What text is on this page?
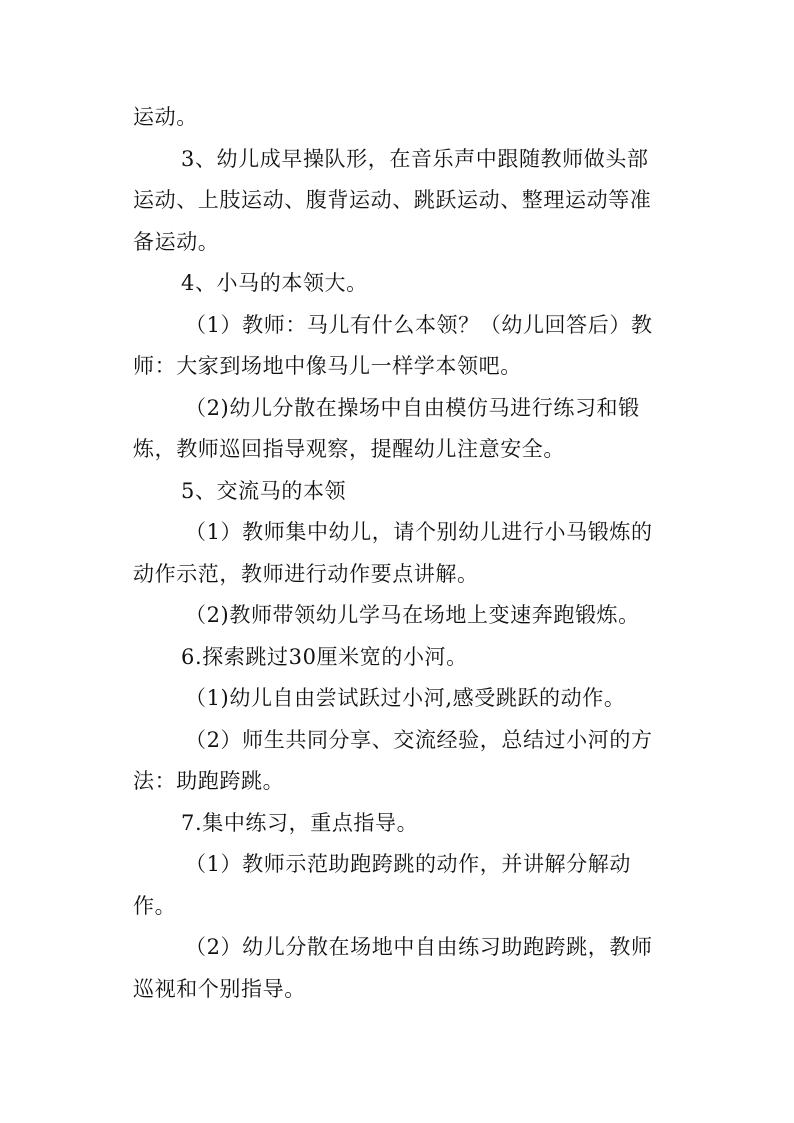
运动。

3、幼儿成早操队形，在音乐声中跟随教师做头部运动、上肢运动、腹背运动、跳跃运动、整理运动等准备运动。

4、小马的本领大。

（1）教师：马儿有什么本领？（幼儿回答后）教师：大家到场地中像马儿一样学本领吧。

（2)幼儿分散在操场中自由模仿马进行练习和锻炼，教师巡回指导观察，提醒幼儿注意安全。

5、交流马的本领

（1）教师集中幼儿，请个别幼儿进行小马锻炼的动作示范，教师进行动作要点讲解。

（2)教师带领幼儿学马在场地上变速奔跑锻炼。

6.探索跳过30厘米宽的小河。

（1)幼儿自由尝试跃过小河,感受跳跃的动作。

（2）师生共同分享、交流经验，总结过小河的方法：助跑跨跳。

7.集中练习，重点指导。

（1）教师示范助跑跨跳的动作，并讲解分解动作。

（2）幼儿分散在场地中自由练习助跑跨跳，教师巡视和个别指导。
